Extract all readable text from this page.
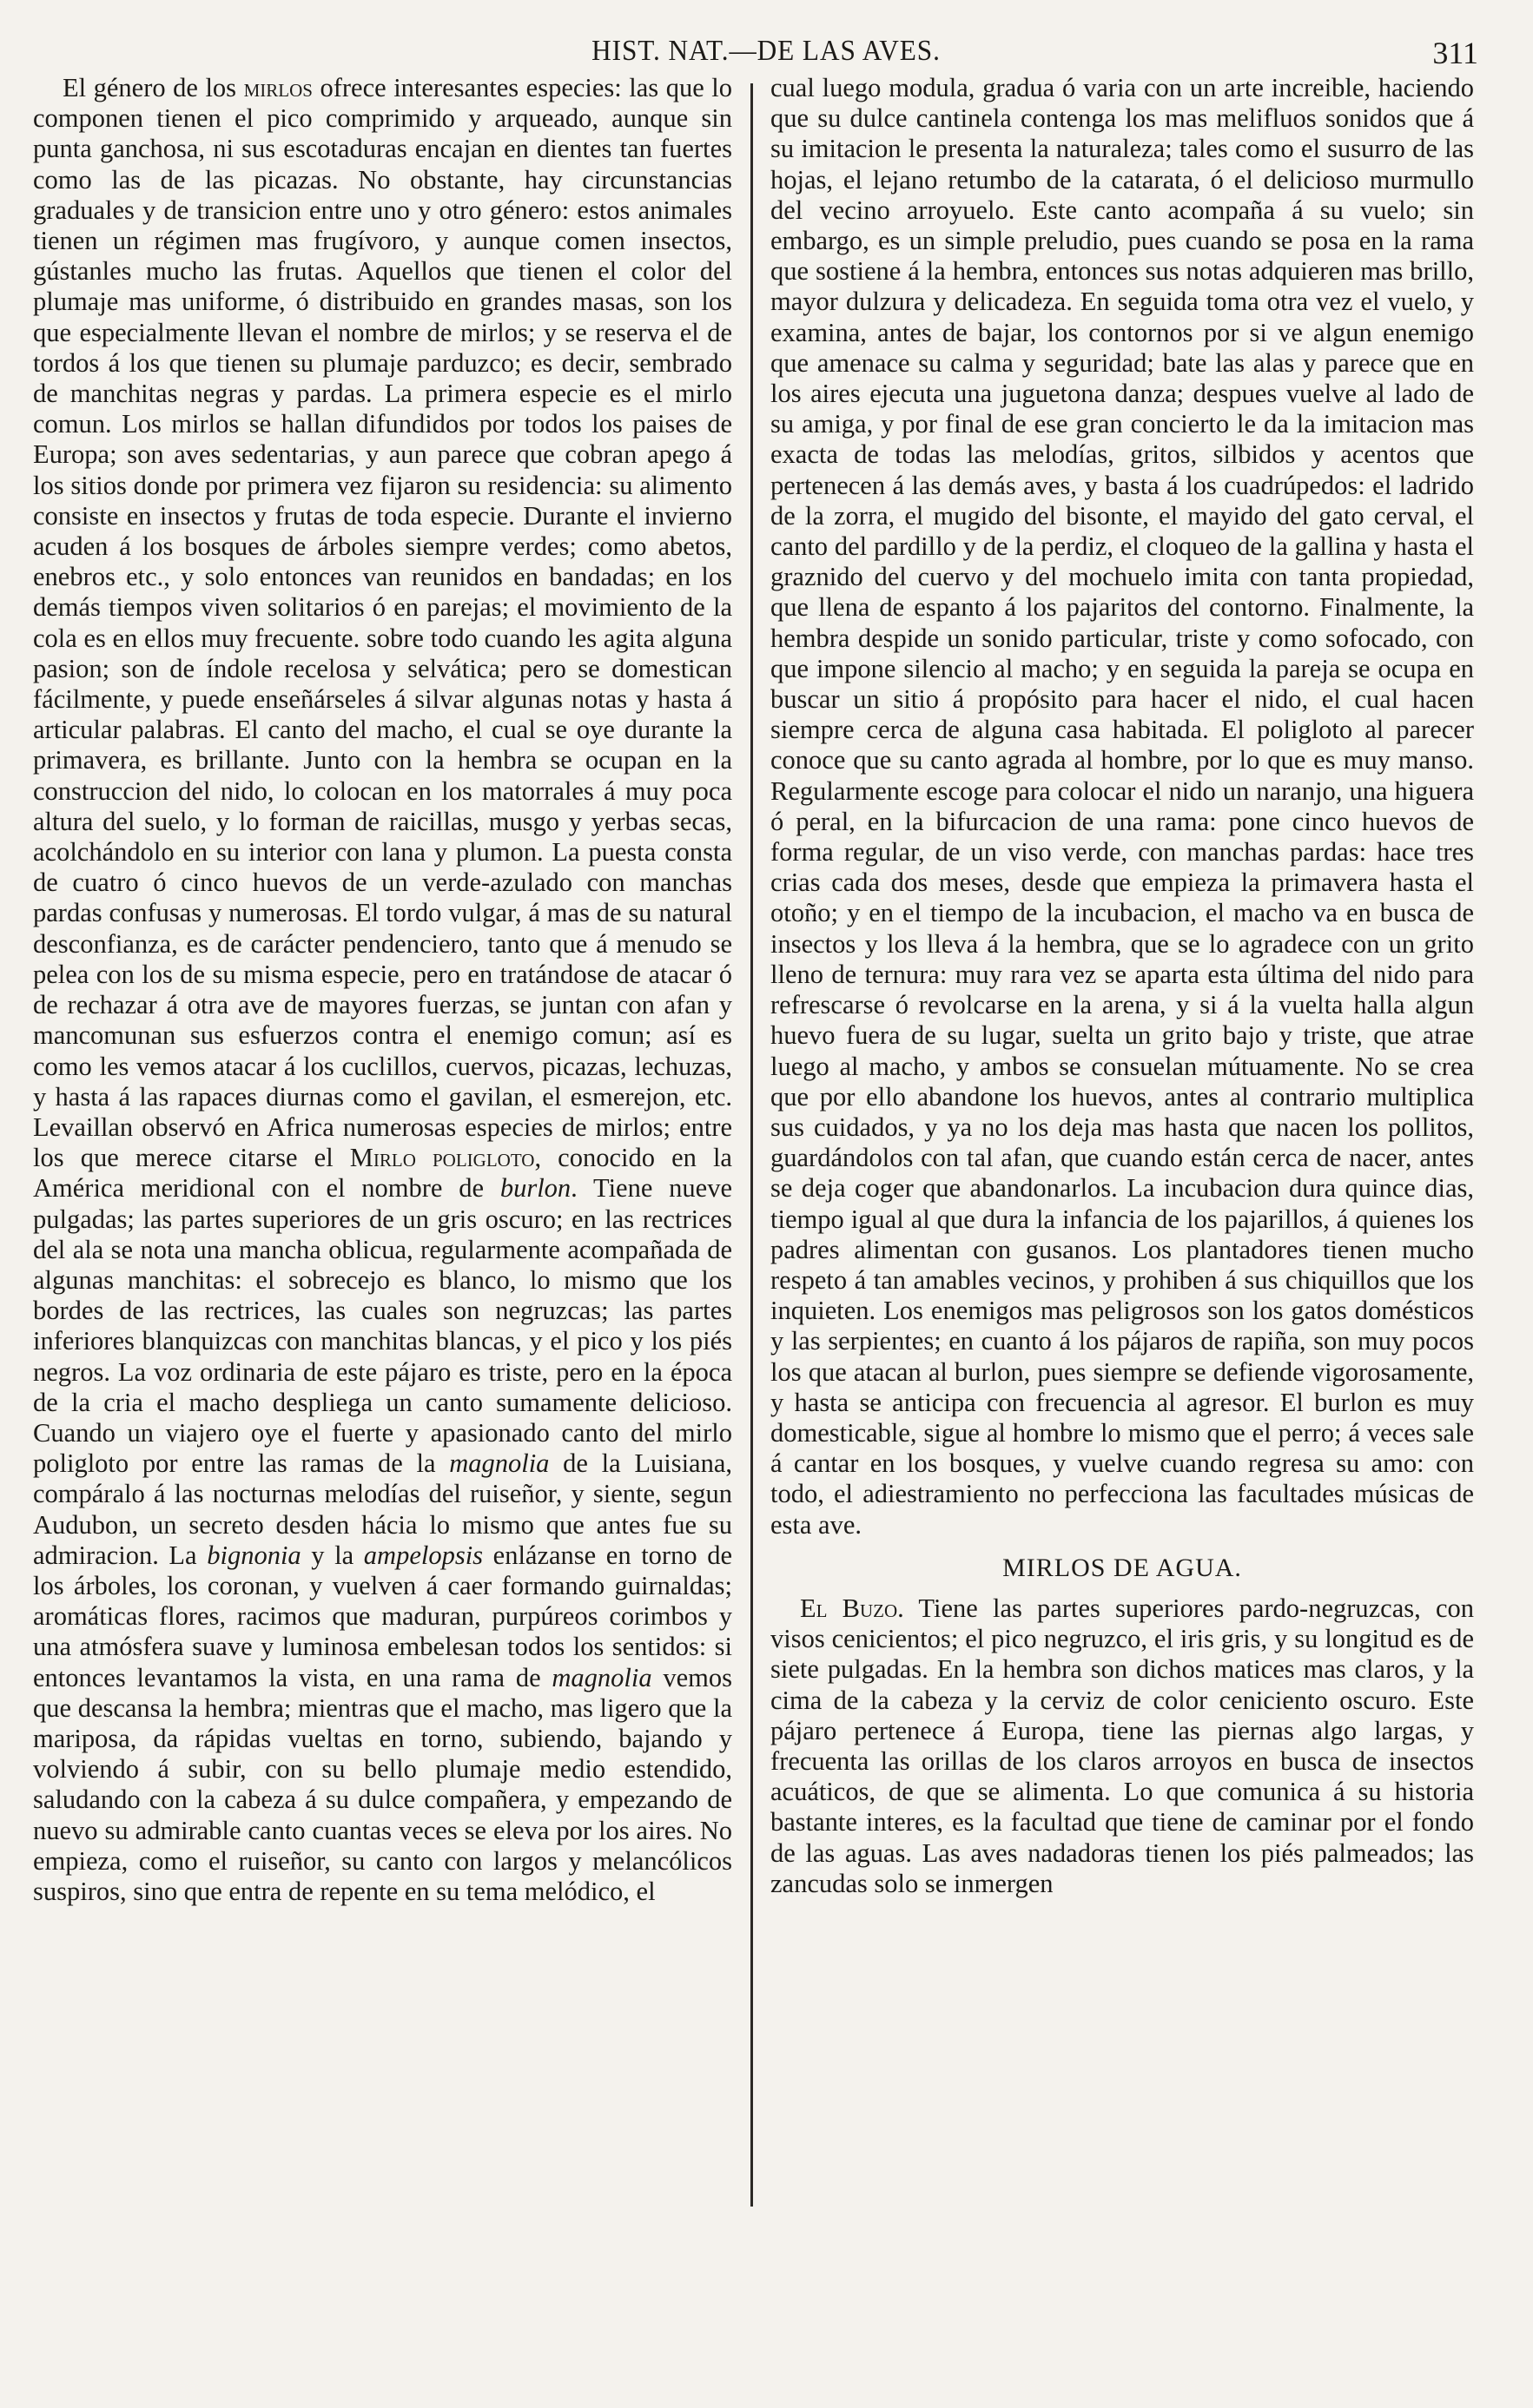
HIST. NAT.—DE LAS AVES.	311

El género de los mirlos ofrece interesantes especies: las que lo componen tienen el pico comprimido y arqueado, aunque sin punta ganchosa, ni sus escotaduras encajan en dientes tan fuertes como las de las picazas. No obstante, hay circunstancias graduales y de transicion entre uno y otro género: estos animales tienen un régimen mas frugívoro, y aunque comen insectos, gústanles mucho las frutas. Aquellos que tienen el color del plumaje mas uniforme, ó distribuido en grandes masas, son los que especialmente llevan el nombre de mirlos; y se reserva el de tordos á los que tienen su plumaje parduzco; es decir, sembrado de manchitas negras y pardas. La primera especie es el mirlo comun. Los mirlos se hallan difundidos por todos los paises de Europa; son aves sedentarias, y aun parece que cobran apego á los sitios donde por primera vez fijaron su residencia: su alimento consiste en insectos y frutas de toda especie. Durante el invierno acuden á los bosques de árboles siempre verdes; como abetos, enebros etc., y solo entonces van reunidos en bandadas; en los demás tiempos viven solitarios ó en parejas; el movimiento de la cola es en ellos muy frecuente. sobre todo cuando les agita alguna pasion; son de índole recelosa y selvática; pero se domestican fácilmente, y puede enseñárseles á silvar algunas notas y hasta á articular palabras. El canto del macho, el cual se oye durante la primavera, es brillante. Junto con la hembra se ocupan en la construccion del nido, lo colocan en los matorrales á muy poca altura del suelo, y lo forman de raicillas, musgo y yerbas secas, acolchándolo en su interior con lana y plumon. La puesta consta de cuatro ó cinco huevos de un verde-azulado con manchas pardas confusas y numerosas. El tordo vulgar, á mas de su natural desconfianza, es de carácter pendenciero, tanto que á menudo se pelea con los de su misma especie, pero en tratándose de atacar ó de rechazar á otra ave de mayores fuerzas, se juntan con afan y mancomunan sus esfuerzos contra el enemigo comun; así es como les vemos atacar á los cuclillos, cuervos, picazas, lechuzas, y hasta á las rapaces diurnas como el gavilan, el esmerejon, etc. Levaillan observó en Africa numerosas especies de mirlos; entre los que merece citarse el Mirlo poligloto, conocido en la América meridional con el nombre de burlon. Tiene nueve pulgadas; las partes superiores de un gris oscuro; en las rectrices del ala se nota una mancha oblicua, regularmente acompañada de algunas manchitas: el sobrecejo es blanco, lo mismo que los bordes de las rectrices, las cuales son negruzcas; las partes inferiores blanquizcas con manchitas blancas, y el pico y los piés negros. La voz ordinaria de este pájaro es triste, pero en la época de la cria el macho despliega un canto sumamente delicioso. Cuando un viajero oye el fuerte y apasionado canto del mirlo poligloto por entre las ramas de la magnolia de la Luisiana, compáralo á las nocturnas melodías del ruiseñor, y siente, segun Audubon, un secreto desden hácia lo mismo que antes fue su admiracion. La bignonia y la ampelopsis enlázanse en torno de los árboles, los coronan, y vuelven á caer formando guirnaldas; aromáticas flores, racimos que maduran, purpúreos corimbos y una atmósfera suave y luminosa embelesan todos los sentidos: si entonces levantamos la vista, en una rama de magnolia vemos que descansa la hembra; mientras que el macho, mas ligero que la mariposa, da rápidas vueltas en torno, subiendo, bajando y volviendo á subir, con su bello plumaje medio estendido, saludando con la cabeza á su dulce compañera, y empezando de nuevo su admirable canto cuantas veces se eleva por los aires. No empieza, como el ruiseñor, su canto con largos y melancólicos suspiros, sino que entra de repente en su tema melódico, el

cual luego modula, gradua ó varia con un arte increible, haciendo que su dulce cantinela contenga los mas melifluos sonidos que á su imitacion le presenta la naturaleza; tales como el susurro de las hojas, el lejano retumbo de la catarata, ó el delicioso murmullo del vecino arroyuelo. Este canto acompaña á su vuelo; sin embargo, es un simple preludio, pues cuando se posa en la rama que sostiene á la hembra, entonces sus notas adquieren mas brillo, mayor dulzura y delicadeza. En seguida toma otra vez el vuelo, y examina, antes de bajar, los contornos por si ve algun enemigo que amenace su calma y seguridad; bate las alas y parece que en los aires ejecuta una juguetona danza; despues vuelve al lado de su amiga, y por final de ese gran concierto le da la imitacion mas exacta de todas las melodías, gritos, silbidos y acentos que pertenecen á las demás aves, y basta á los cuadrúpedos: el ladrido de la zorra, el mugido del bisonte, el mayido del gato cerval, el canto del pardillo y de la perdiz, el cloqueo de la gallina y hasta el graznido del cuervo y del mochuelo imita con tanta propiedad, que llena de espanto á los pajaritos del contorno. Finalmente, la hembra despide un sonido particular, triste y como sofocado, con que impone silencio al macho; y en seguida la pareja se ocupa en buscar un sitio á propósito para hacer el nido, el cual hacen siempre cerca de alguna casa habitada. El poligloto al parecer conoce que su canto agrada al hombre, por lo que es muy manso. Regularmente escoge para colocar el nido un naranjo, una higuera ó peral, en la bifurcacion de una rama: pone cinco huevos de forma regular, de un viso verde, con manchas pardas: hace tres crias cada dos meses, desde que empieza la primavera hasta el otoño; y en el tiempo de la incubacion, el macho va en busca de insectos y los lleva á la hembra, que se lo agradece con un grito lleno de ternura: muy rara vez se aparta esta última del nido para refrescarse ó revolcarse en la arena, y si á la vuelta halla algun huevo fuera de su lugar, suelta un grito bajo y triste, que atrae luego al macho, y ambos se consuelan mútuamente. No se crea que por ello abandone los huevos, antes al contrario multiplica sus cuidados, y ya no los deja mas hasta que nacen los pollitos, guardándolos con tal afan, que cuando están cerca de nacer, antes se deja coger que abandonarlos. La incubacion dura quince dias, tiempo igual al que dura la infancia de los pajarillos, á quienes los padres alimentan con gusanos. Los plantadores tienen mucho respeto á tan amables vecinos, y prohiben á sus chiquillos que los inquieten. Los enemigos mas peligrosos son los gatos domésticos y las serpientes; en cuanto á los pájaros de rapiña, son muy pocos los que atacan al burlon, pues siempre se defiende vigorosamente, y hasta se anticipa con frecuencia al agresor. El burlon es muy domesticable, sigue al hombre lo mismo que el perro; á veces sale á cantar en los bosques, y vuelve cuando regresa su amo: con todo, el adiestramiento no perfecciona las facultades músicas de esta ave.

MIRLOS DE AGUA.

El Buzo. Tiene las partes superiores pardo-negruzcas, con visos cenicientos; el pico negruzco, el iris gris, y su longitud es de siete pulgadas. En la hembra son dichos matices mas claros, y la cima de la cabeza y la cerviz de color ceniciento oscuro. Este pájaro pertenece á Europa, tiene las piernas algo largas, y frecuenta las orillas de los claros arroyos en busca de insectos acuáticos, de que se alimenta. Lo que comunica á su historia bastante interes, es la facultad que tiene de caminar por el fondo de las aguas. Las aves nadadoras tienen los piés palmeados; las zancudas solo se inmergen
